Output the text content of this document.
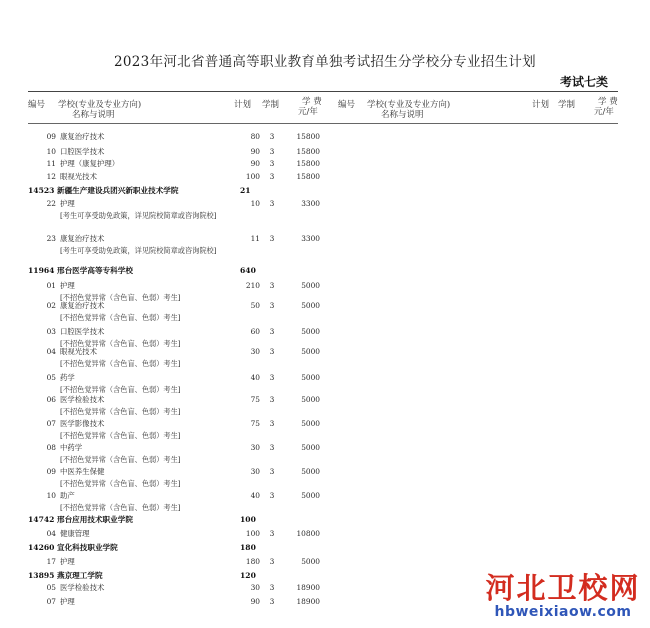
2023年河北省普通高等职业教育单独考试招生分学校分专业招生计划
考试七类
编号 学校(专业及专业方向)
名称与说明
计划 学制	学 费
元/年
编号 学校(专业及专业方向)
名称与说明
计划 学制	学 费
元/年
09 康复治疗技术	80	3	15800
10 口腔医学技术	90	3	15800
11 护理（康复护理）	90	3	15800
12 眼视光技术	100	3	15800
14523 新疆生产建设兵团兴新职业技术学院	21
22 护理	10	3	3300
[考生可享受助免政策，详见院校简章或咨询院校]
23 康复治疗技术	11	3	3300
[考生可享受助免政策，详见院校简章或咨询院校]
11964 邢台医学高等专科学校	640
01 护理	210	3	5000
[不招色觉异常（含色盲、色弱）考生]
02 康复治疗技术	50	3	5000
[不招色觉异常（含色盲、色弱）考生]
03 口腔医学技术	60	3	5000
[不招色觉异常（含色盲、色弱）考生]
04 眼视光技术	30	3	5000
[不招色觉异常（含色盲、色弱）考生]
05 药学	40	3	5000
[不招色觉异常（含色盲、色弱）考生]
06 医学检验技术	75	3	5000
[不招色觉异常（含色盲、色弱）考生]
07 医学影像技术	75	3	5000
[不招色觉异常（含色盲、色弱）考生]
08 中药学	30	3	5000
[不招色觉异常（含色盲、色弱）考生]
09 中医养生保健	30	3	5000
[不招色觉异常（含色盲、色弱）考生]
10 助产	40	3	5000
[不招色觉异常（含色盲、色弱）考生]
14742 邢台应用技术职业学院	100
04 健康管理	100	3	10800
14260 宣化科技职业学院	180
17 护理	180	3	5000
13895 燕京理工学院	120
05 医学检验技术	30	3	18900
07 护理	90	3	18900	河北卫校网
hbweixiaow.com
